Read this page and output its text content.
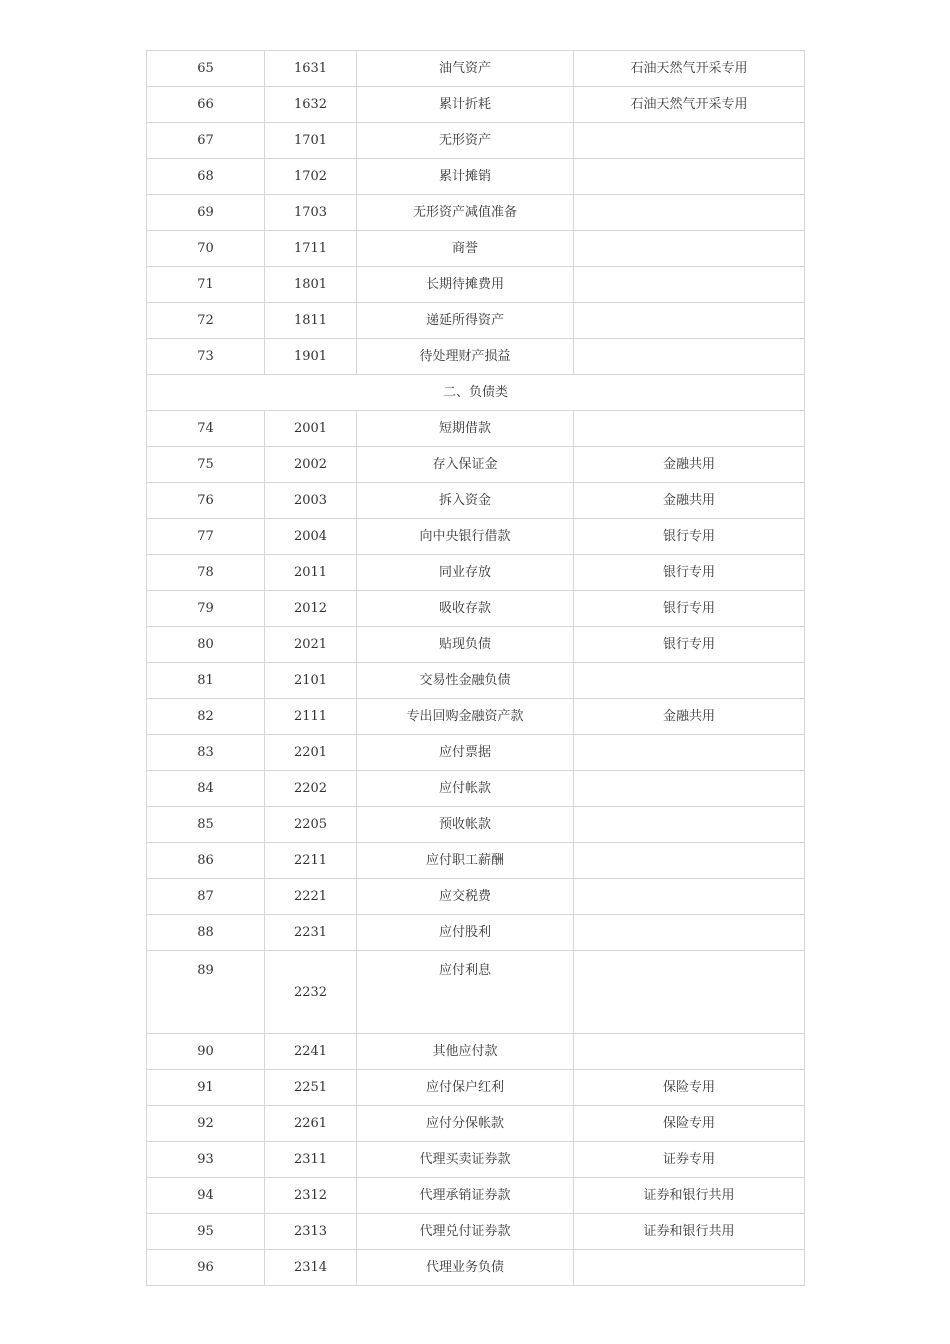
65	1631	油气资产	石油天然气开采专用
66	1632	累计折耗	石油天然气开采专用
67	1701	无形资产	
68	1702	累计摊销	
69	1703	无形资产减值准备	
70	1711	商誉	
71	1801	长期待摊费用	
72	1811	递延所得资产	
73	1901	待处理财产损益	
二、负债类			
74	2001	短期借款	
75	2002	存入保证金	金融共用
76	2003	拆入资金	金融共用
77	2004	向中央银行借款	银行专用
78	2011	同业存放	银行专用
79	2012	吸收存款	银行专用
80	2021	贴现负债	银行专用
81	2101	交易性金融负债	
82	2111	专出回购金融资产款	金融共用
83	2201	应付票据	
84	2202	应付帐款	
85	2205	预收帐款	
86	2211	应付职工薪酬	
87	2221	应交税费	
88	2231	应付股利	
89	2232	应付利息	
90	2241	其他应付款	
91	2251	应付保户红利	保险专用
92	2261	应付分保帐款	保险专用
93	2311	代理买卖证券款	证券专用
94	2312	代理承销证券款	证券和银行共用
95	2313	代理兑付证券款	证券和银行共用
96	2314	代理业务负债	
